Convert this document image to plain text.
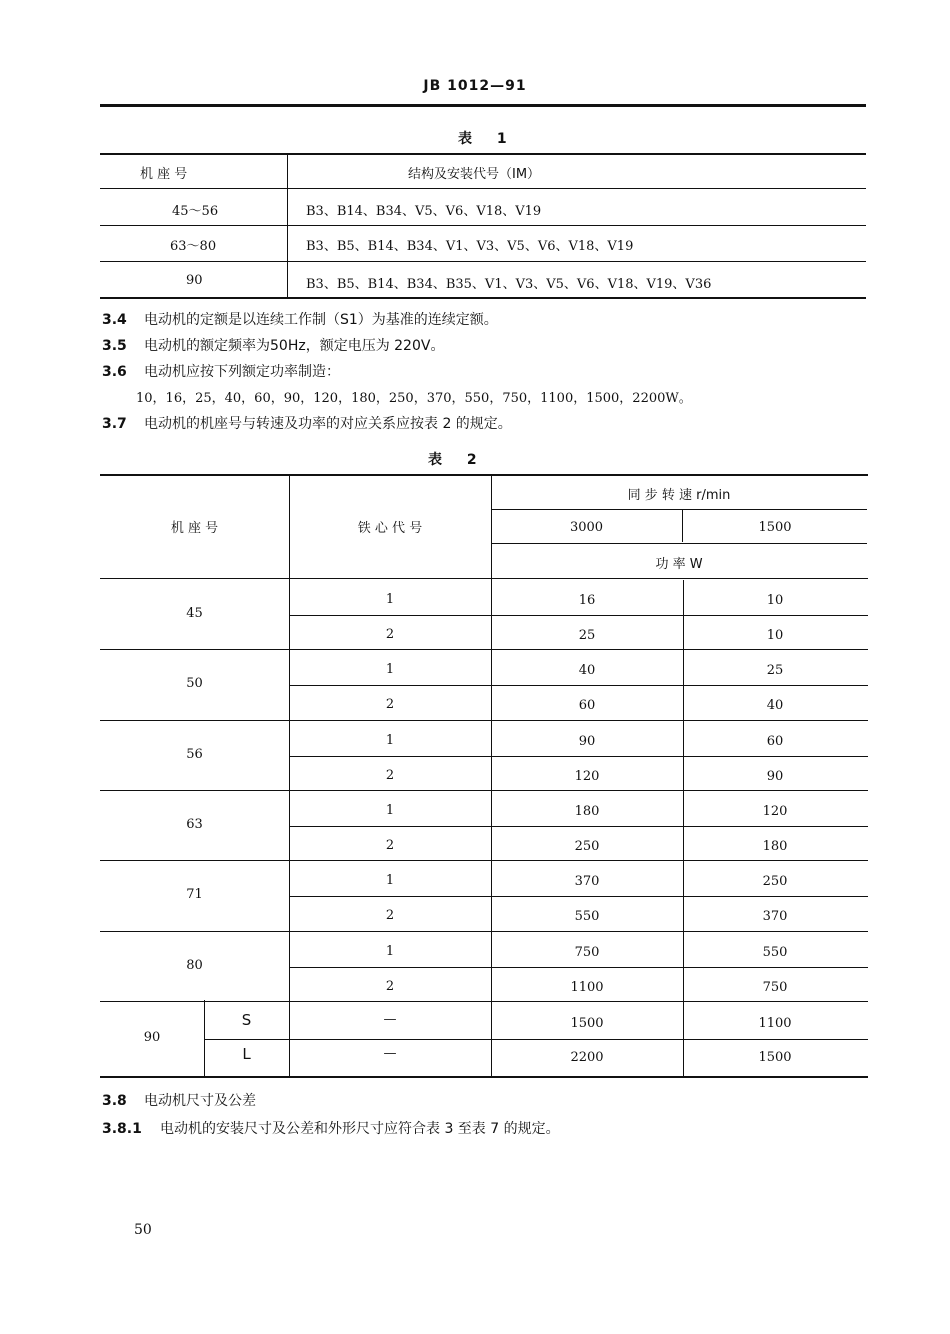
JB 1012—91
表 1
机 座 号	结构及安装代号（IM）
45～56	B3、B14、B34、V5、V6、V18、V19
63～80	B3、B5、B14、B34、V1、V3、V5、V6、V18、V19
90	B3、B5、B14、B34、B35、V1、V3、V5、V6、V18、V19、V36
3.4 电动机的定额是以连续工作制（S1）为基准的连续定额。
3.5 电动机的额定频率为50Hz，额定电压为 220V。
3.6 电动机应按下列额定功率制造：
10，16，25，40，60，90，120，180，250，370，550，750，1100，1500，2200W。
3.7 电动机的机座号与转速及功率的对应关系应按表 2 的规定。
表 2
机 座 号	铁 心 代 号
同 步 转 速 r/min
3000	1500
功 率 W
45
1	16	10
2	25	10
50
1	40	25
2	60	40
56
1	90	60
2	120	90
63
1	180	120
2	250	180
71
1	370	250
2	550	370
80
1	750	550
2	1100	750
90
S	—	1500	1100
L	—	2200	1500
3.8 电动机尺寸及公差
3.8.1 电动机的安装尺寸及公差和外形尺寸应符合表 3 至表 7 的规定。
50
